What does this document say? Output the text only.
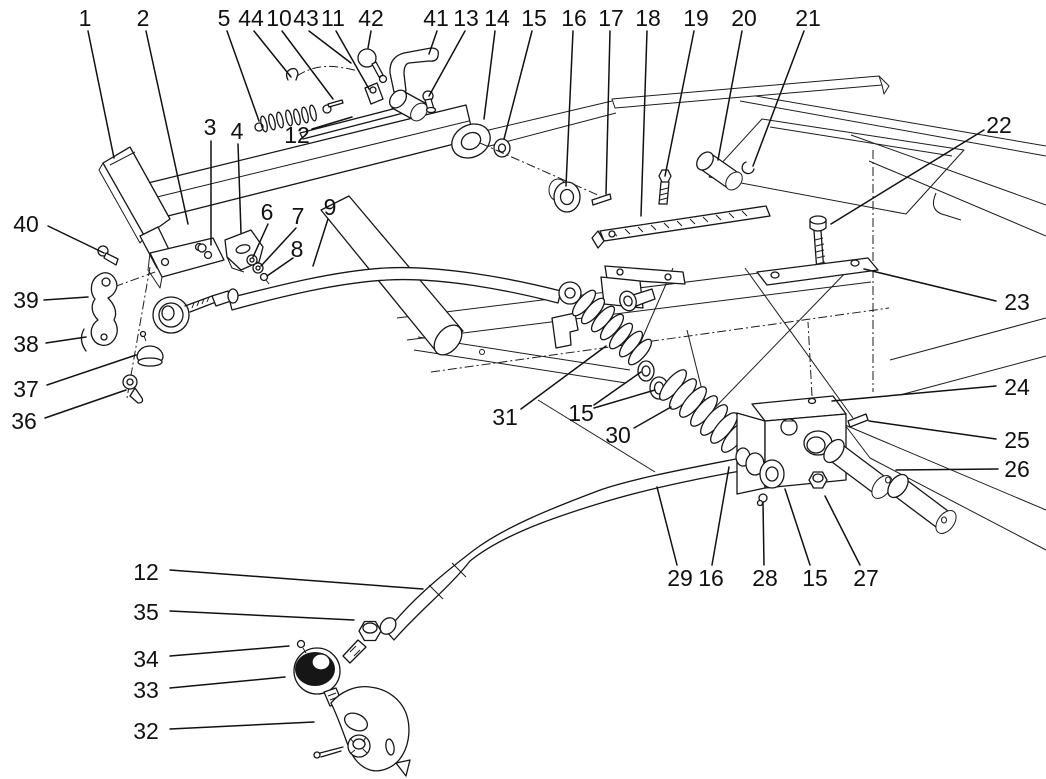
1 2	5 44 10 43 11 42 41 13 14 15 16 17 18 19 20 21
22
23
24
25
26
40
39
38
37
36
3 4 12
6 7
8
9
31 15
30
12
35
34
33
32
29 16 28 15 27
